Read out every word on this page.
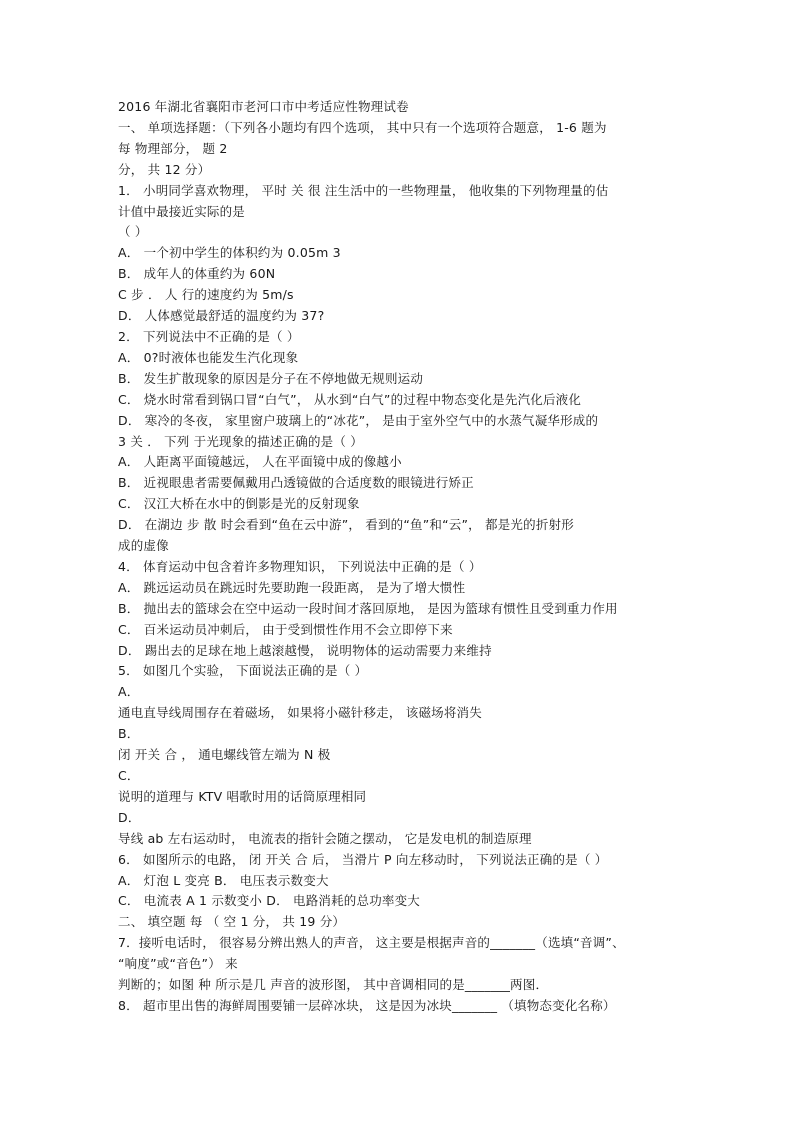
2016 年湖北省襄阳市老河口市中考适应性物理试卷
一、 单项选择题：（下列各小题均有四个选项， 其中只有一个选项符合题意， 1-6 题为
每 物理部分， 题 2
分， 共 12 分）
1． 小明同学喜欢物理， 平时 关 很 注生活中的一些物理量， 他收集的下列物理量的估
计值中最接近实际的是
（ ）
A． 一个初中学生的体积约为 0.05m 3
B． 成年人的体重约为 60N
C 步 ． 人 行的速度约为 5m/s
D． 人体感觉最舒适的温度约为 37?
2． 下列说法中不正确的是（ ）
A． 0?时液体也能发生汽化现象
B． 发生扩散现象的原因是分子在不停地做无规则运动
C． 烧水时常看到锅口冒“白气”， 从水到“白气”的过程中物态变化是先汽化后液化
D． 寒冷的冬夜， 家里窗户玻璃上的“冰花”， 是由于室外空气中的水蒸气凝华形成的
3 关 ． 下列 于光现象的描述正确的是（ ）
A． 人距离平面镜越远， 人在平面镜中成的像越小
B． 近视眼患者需要佩戴用凸透镜做的合适度数的眼镜进行矫正
C． 汉江大桥在水中的倒影是光的反射现象
D． 在湖边 步 散 时会看到“鱼在云中游”， 看到的“鱼”和“云”， 都是光的折射形
成的虚像
4． 体育运动中包含着许多物理知识， 下列说法中正确的是（ ）
A． 跳远运动员在跳远时先要助跑一段距离， 是为了增大惯性
B． 抛出去的篮球会在空中运动一段时间才落回原地， 是因为篮球有惯性且受到重力作用
C． 百米运动员冲刺后， 由于受到惯性作用不会立即停下来
D． 踢出去的足球在地上越滚越慢， 说明物体的运动需要力来维持
5． 如图几个实验， 下面说法正确的是（ ）
A．
通电直导线周围存在着磁场， 如果将小磁针移走， 该磁场将消失
B．
闭 开关 合 ， 通电螺线管左端为 N 极
C．
说明的道理与 KTV 唱歌时用的话筒原理相同
D．
导线 ab 左右运动时， 电流表的指针会随之摆动， 它是发电机的制造原理
6． 如图所示的电路， 闭 开关 合 后， 当滑片 P 向左移动时， 下列说法正确的是（ ）
A． 灯泡 L 变亮 B． 电压表示数变大
C． 电流表 A 1 示数变小 D． 电路消耗的总功率变大
二、 填空题 每 （ 空 1 分， 共 19 分）
7．接听电话时， 很容易分辨出熟人的声音， 这主要是根据声音的_______（选填“音调”、
“响度”或“音色”） 来
判断的；如图 种 所示是几 声音的波形图， 其中音调相同的是_______两图．
8． 超市里出售的海鲜周围要铺一层碎冰块， 这是因为冰块_______ （填物态变化名称）
